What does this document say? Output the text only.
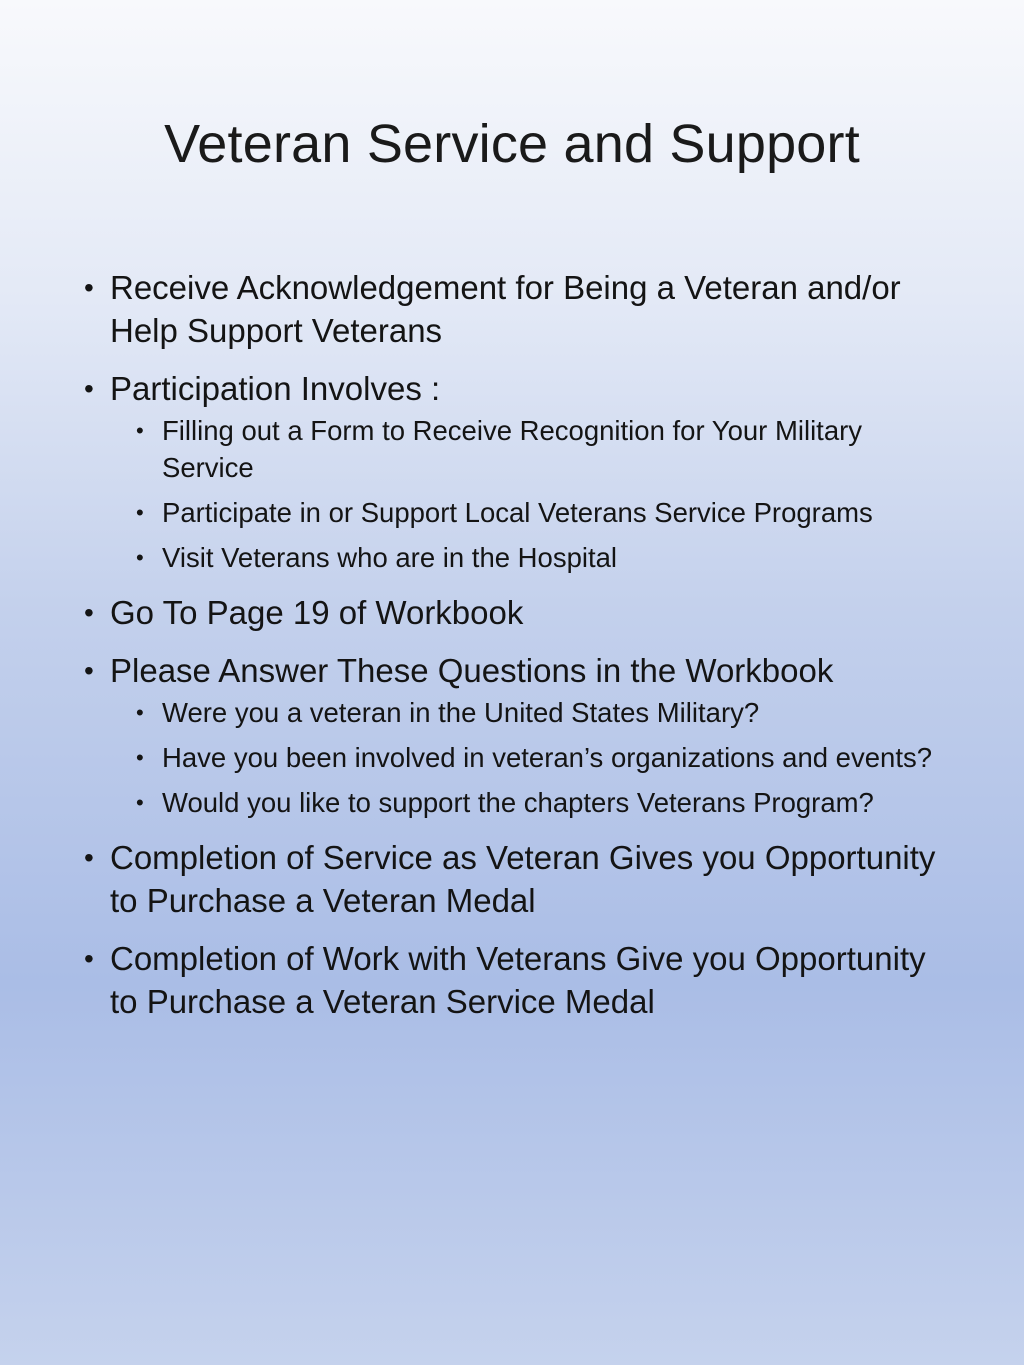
Veteran Service and Support
• Receive Acknowledgement for Being a Veteran and/or Help Support Veterans
• Participation Involves :
• Filling out a Form to Receive Recognition for Your Military Service
• Participate in or Support Local Veterans Service Programs
• Visit Veterans who are in the Hospital
• Go To Page 19 of Workbook
• Please Answer These Questions in the Workbook
• Were you a veteran in the United States Military?
• Have you been involved in veteran’s organizations and events?
• Would you like to support the chapters Veterans Program?
• Completion of Service as Veteran Gives you Opportunity to Purchase a Veteran Medal
• Completion of Work with Veterans Give you Opportunity to Purchase a Veteran Service Medal
